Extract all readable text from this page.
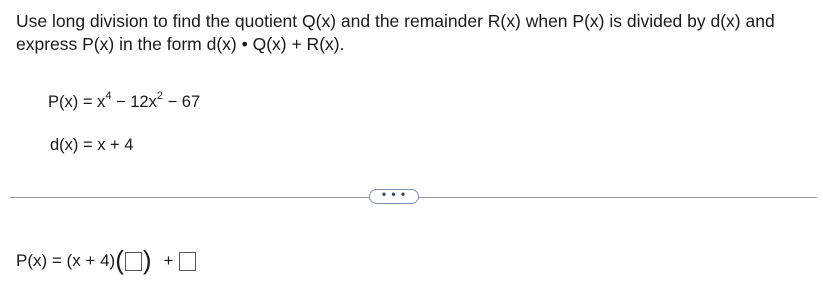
Use long division to find the quotient Q(x) and the remainder R(x) when P(x) is divided by d(x) and express P(x) in the form d(x) • Q(x) + R(x).

$P(x) = x^4 - 12x^2 - 67$
d(x) = x + 4
• • •
P(x) = (x + 4) ( ) +
